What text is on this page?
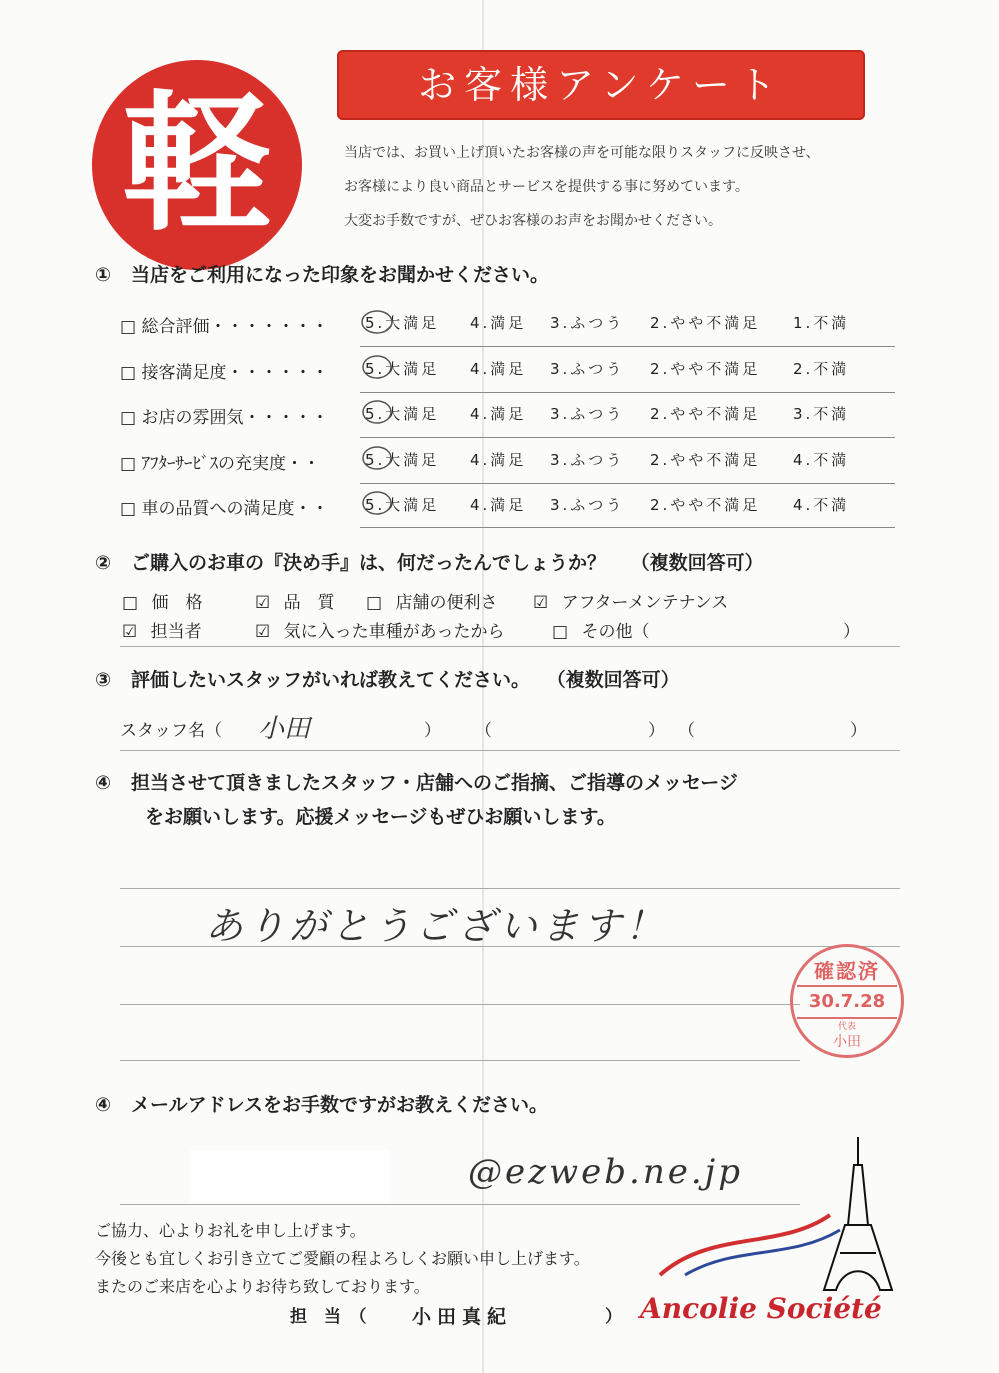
軽	お客様アンケート
当店では、お買い上げ頂いたお客様の声を可能な限りスタッフに反映させ、
お客様により良い商品とサービスを提供する事に努めています。
大変お手数ですが、ぜひお客様のお声をお聞かせください。
① 当店をご利用になった印象をお聞かせください。
□ 総合評価・・・・・・・ 5.大満足 4.満足 3.ふつう 2.やや不満足 1.不満
□ 接客満足度・・・・・・ 5.大満足 4.満足 3.ふつう 2.やや不満足 2.不満
□ お店の雰囲気・・・・・ 5.大満足 4.満足 3.ふつう 2.やや不満足 3.不満
□ ｱﾌﾀｰｻｰﾋﾞｽの充実度・・	5.大満足 4.満足 3.ふつう 2.やや不満足 4.不満
□ 車の品質への満足度・・ 5.大満足 4.満足 3.ふつう 2.やや不満足 4.不満
② ご購入のお車の『決め手』は、何だったんでしょうか？ （複数回答可）
□ 価　格	☑ 品　質 □ 店舗の便利さ ☑ アフターメンテナンス
☑ 担当者	☑ 気に入った車種があったから	□ その他（	）
③ 評価したいスタッフがいれば教えてください。 （複数回答可）
スタッフ名（ 小田	） （	） （	）
④ 担当させて頂きましたスタッフ・店舗へのご指摘、ご指導のメッセージ
をお願いします。応援メッセージもぜひお願いします。
ありがとうございます！
確認済
30.7.28
代表
小田
④ メールアドレスをお手数ですがお教えください。
@ezweb.ne.jp
ご協力、心よりお礼を申し上げます。
今後とも宜しくお引き立てご愛顧の程よろしくお願い申し上げます。
またのご来店を心よりお待ち致しております。
担　当　（ 小田真紀	） Ancolie Société
